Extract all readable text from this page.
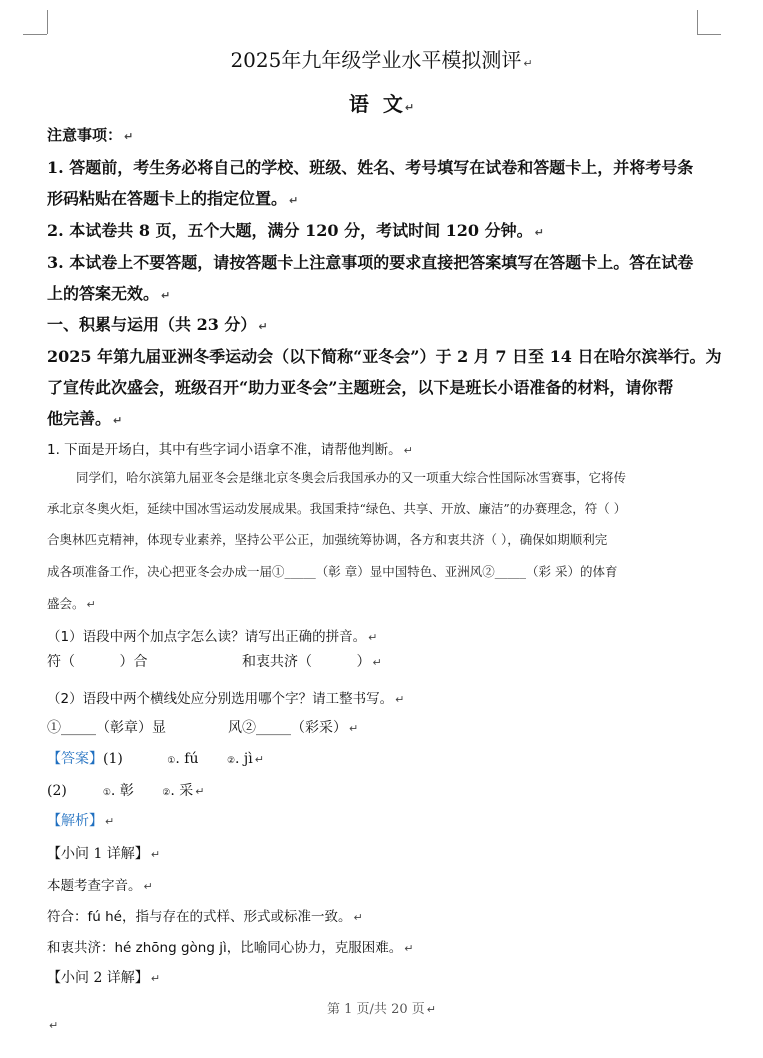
2025年九年级学业水平模拟测评 ↵
语  文 ↵
注意事项： ↵
1. 答题前，考生务必将自己的学校、班级、姓名、考号填写在试卷和答题卡上，并将考号条
形码粘贴在答题卡上的指定位置。 ↵
2. 本试卷共 8 页，五个大题，满分 120 分，考试时间 120 分钟。 ↵
3. 本试卷上不要答题，请按答题卡上注意事项的要求直接把答案填写在答题卡上。答在试卷
上的答案无效。 ↵
一、积累与运用（共 23 分） ↵
2025 年第九届亚洲冬季运动会（以下简称“亚冬会”）于 2 月 7 日至 14 日在哈尔滨举行。为
了宣传此次盛会，班级召开“助力亚冬会”主题班会，以下是班长小语准备的材料，请你帮
他完善。 ↵
1. 下面是开场白，其中有些字词小语拿不准，请帮他判断。 ↵
同学们，哈尔滨第九届亚冬会是继北京冬奥会后我国承办的又一项重大综合性国际冰雪赛事，它将传
承北京冬奥火炬，延续中国冰雪运动发展成果。我国秉持“绿色、共享、开放、廉洁”的办赛理念，符（ ）
合奥林匹克精神，体现专业素养，坚持公平公正，加强统筹协调，各方和衷共济（ ），确保如期顺利完
成各项准备工作，决心把亚冬会办成一届①_____（彰 章）显中国特色、亚洲风②_____（彩 采）的体育
盛会。 ↵
（1）语段中两个加点字怎么读？请写出正确的拼音。 ↵
符（          ）合	和衷共济（          ） ↵
（2）语段中两个横线处应分别选用哪个字？请工整书写。 ↵
①_____（彰章）显	风②_____（彩采） ↵
【答案】(1)	①. fú	②. jì ↵
(2)	①. 彰	②. 采 ↵
【解析】 ↵
【小问 1 详解】 ↵
本题考查字音。 ↵
符合：fú hé，指与存在的式样、形式或标准一致。 ↵
和衷共济：hé zhōng gòng jì，比喻同心协力，克服困难。 ↵
【小问 2 详解】 ↵
第 1 页/共 20 页 ↵
↵
